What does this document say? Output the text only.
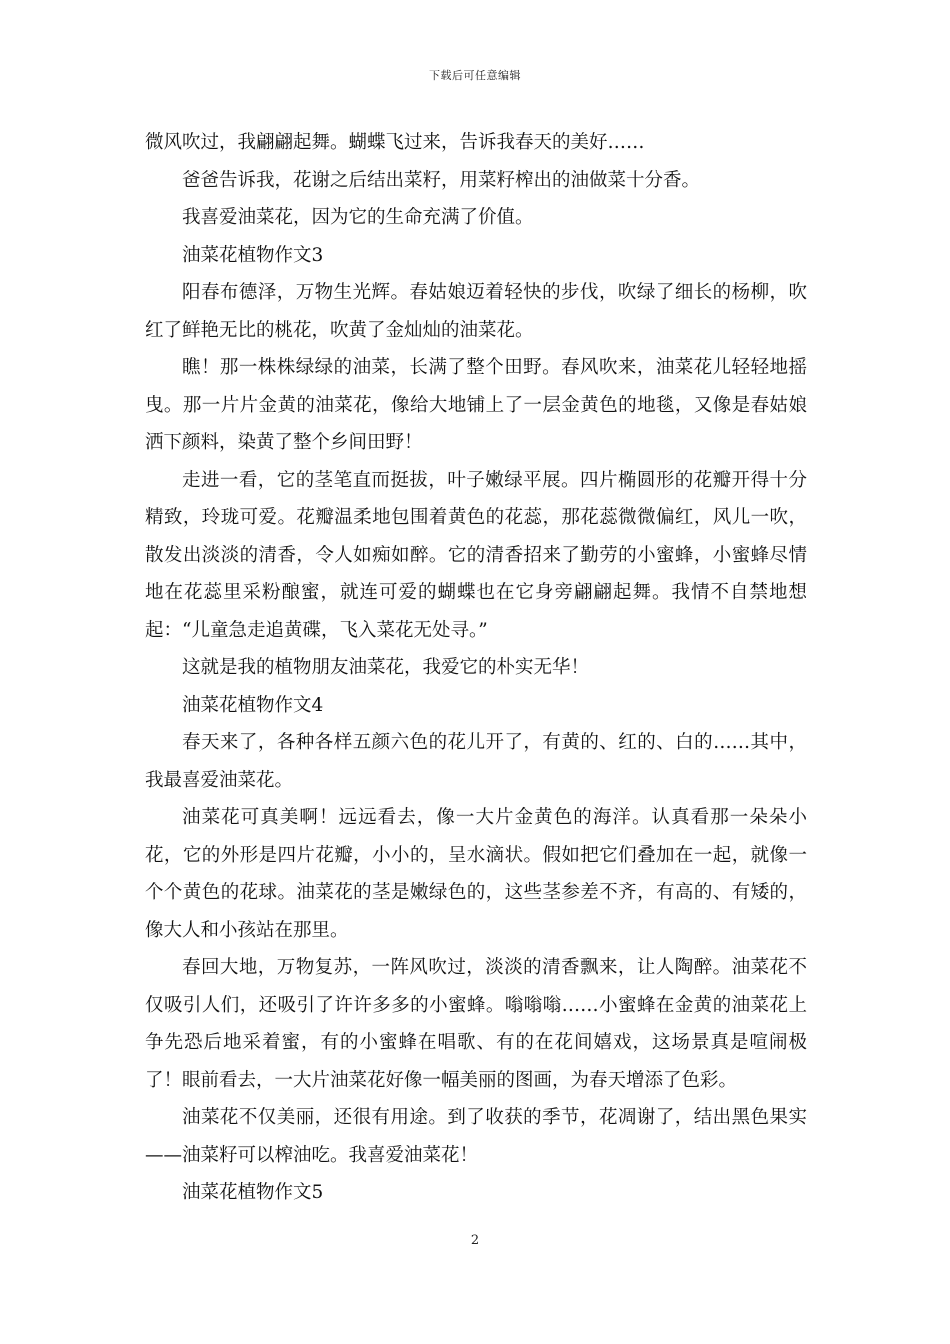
下载后可任意编辑

微风吹过，我翩翩起舞。蝴蝶飞过来，告诉我春天的美好……

爸爸告诉我，花谢之后结出菜籽，用菜籽榨出的油做菜十分香。

我喜爱油菜花，因为它的生命充满了价值。

油菜花植物作文3

阳春布德泽，万物生光辉。春姑娘迈着轻快的步伐，吹绿了细长的杨柳，吹红了鲜艳无比的桃花，吹黄了金灿灿的油菜花。

瞧！那一株株绿绿的油菜，长满了整个田野。春风吹来，油菜花儿轻轻地摇曳。那一片片金黄的油菜花，像给大地铺上了一层金黄色的地毯，又像是春姑娘洒下颜料，染黄了整个乡间田野！

走进一看，它的茎笔直而挺拔，叶子嫩绿平展。四片椭圆形的花瓣开得十分精致，玲珑可爱。花瓣温柔地包围着黄色的花蕊，那花蕊微微偏红，风儿一吹，散发出淡淡的清香，令人如痴如醉。它的清香招来了勤劳的小蜜蜂，小蜜蜂尽情地在花蕊里采粉酿蜜，就连可爱的蝴蝶也在它身旁翩翩起舞。我情不自禁地想起：“儿童急走追黄碟，飞入菜花无处寻。”

这就是我的植物朋友油菜花，我爱它的朴实无华！

油菜花植物作文4

春天来了，各种各样五颜六色的花儿开了，有黄的、红的、白的……其中，我最喜爱油菜花。

油菜花可真美啊！远远看去，像一大片金黄色的海洋。认真看那一朵朵小花，它的外形是四片花瓣，小小的，呈水滴状。假如把它们叠加在一起，就像一个个黄色的花球。油菜花的茎是嫩绿色的，这些茎参差不齐，有高的、有矮的，像大人和小孩站在那里。

春回大地，万物复苏，一阵风吹过，淡淡的清香飘来，让人陶醉。油菜花不仅吸引人们，还吸引了许许多多的小蜜蜂。嗡嗡嗡……小蜜蜂在金黄的油菜花上争先恐后地采着蜜，有的小蜜蜂在唱歌、有的在花间嬉戏，这场景真是喧闹极了！眼前看去，一大片油菜花好像一幅美丽的图画，为春天增添了色彩。

油菜花不仅美丽，还很有用途。到了收获的季节，花凋谢了，结出黑色果实——油菜籽可以榨油吃。我喜爱油菜花！

油菜花植物作文5

2
